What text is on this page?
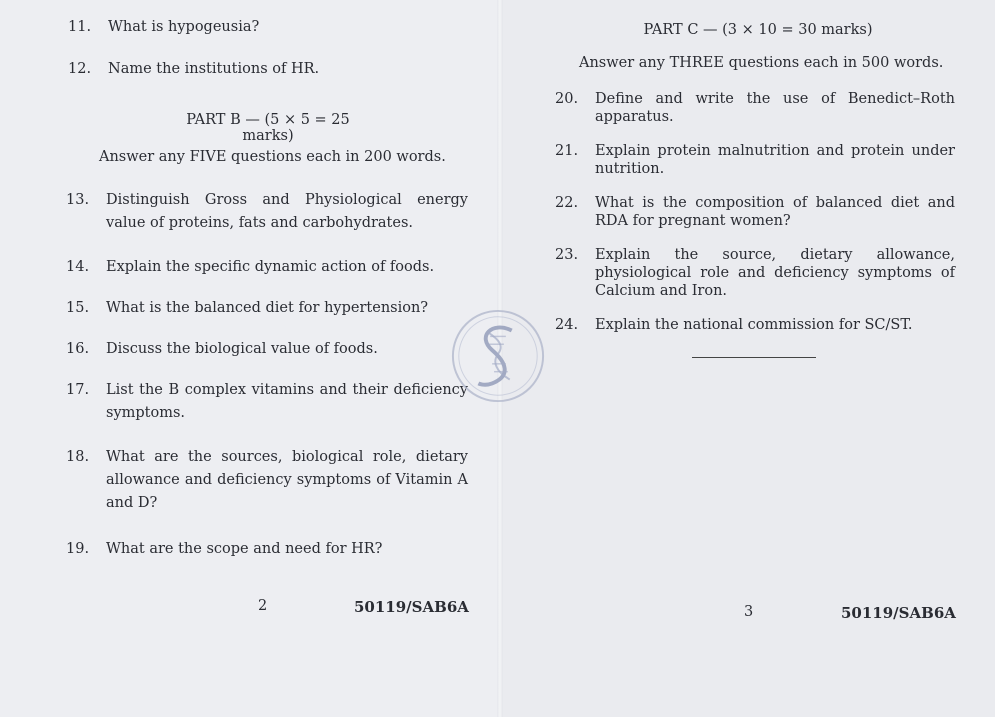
11. What is hypogeusia?
12. Name the institutions of HR.
PART B — (5 × 5 = 25 marks)
Answer any FIVE questions each in 200 words.
13. Distinguish Gross and Physiological energy value of proteins, fats and carbohydrates.
14. Explain the specific dynamic action of foods.
15. What is the balanced diet for hypertension?
16. Discuss the biological value of foods.
17. List the B complex vitamins and their deficiency symptoms.
18. What are the sources, biological role, dietary allowance and deficiency symptoms of Vitamin A and D?
19. What are the scope and need for HR?
2	50119/SAB6A
PART C — (3 × 10 = 30 marks)
Answer any THREE questions each in 500 words.
20. Define and write the use of Benedict–Roth apparatus.
21. Explain protein malnutrition and protein under nutrition.
22. What is the composition of balanced diet and RDA for pregnant women?
23. Explain the source, dietary allowance, physiological role and deficiency symptoms of Calcium and Iron.
24. Explain the national commission for SC/ST.
3	50119/SAB6A
